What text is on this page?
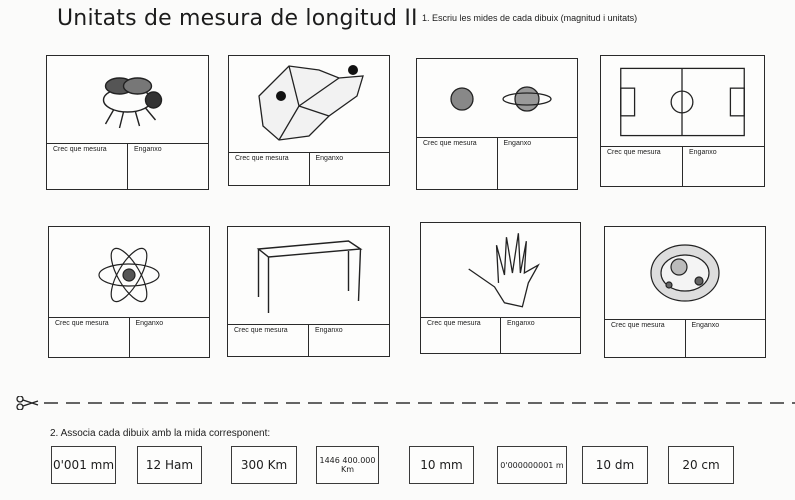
Unitats de mesura de longitud II 1. Escriu les mides de cada dibuix (magnitud i unitats)
Crec que mesura	Enganxo
Crec que mesura	Enganxo
Crec que mesura	Enganxo
Crec que mesura	Enganxo
Crec que mesura	Enganxo
Crec que mesura	Enganxo
Crec que mesura	Enganxo	Crec que mesura	Enganxo
2. Associa cada dibuix amb la mida corresponent:
0'001 mm	12 Ham	300 Km	1446 400.000 Km	10 mm	0'000000001 m	10 dm	20 cm
